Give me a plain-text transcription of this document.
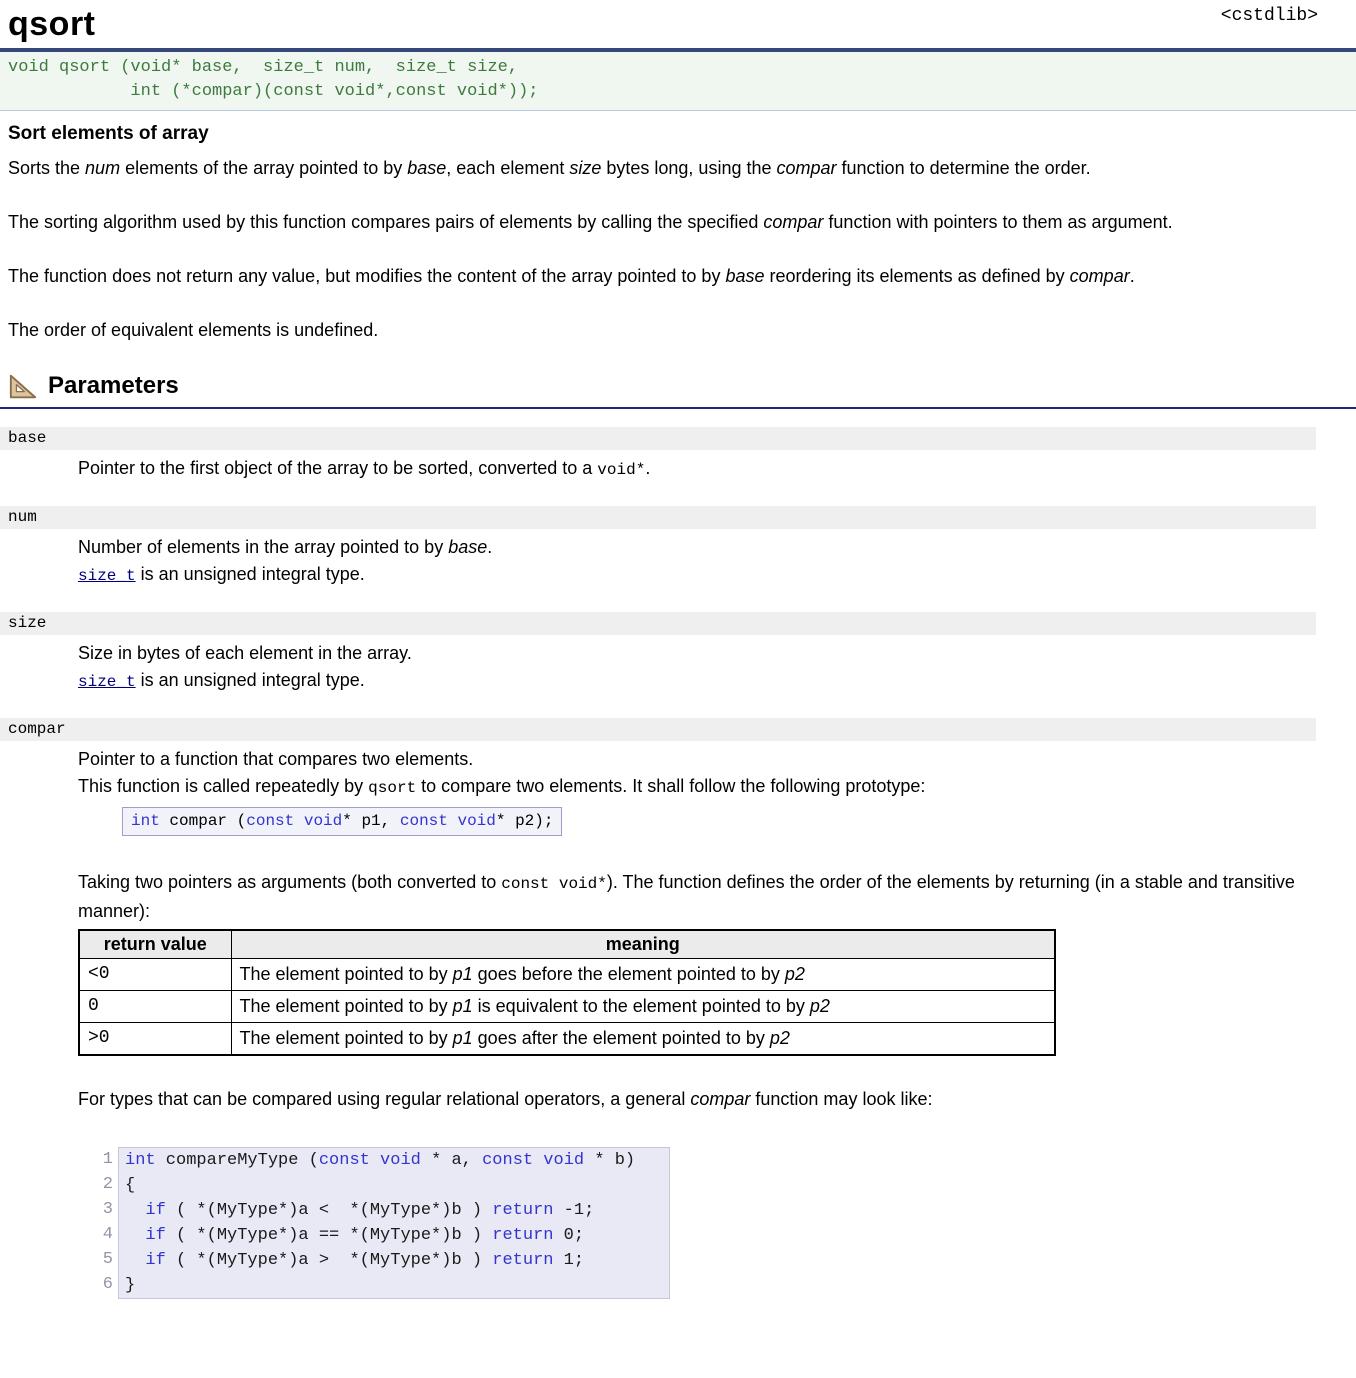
qsort	<cstdlib>
void qsort (void* base,  size_t num,  size_t size,
int (*compar)(const void*,const void*));
Sort elements of array

Sorts the num elements of the array pointed to by base, each element size bytes long, using the compar function to determine the order.

The sorting algorithm used by this function compares pairs of elements by calling the specified compar function with pointers to them as argument.

The function does not return any value, but modifies the content of the array pointed to by base reordering its elements as defined by compar.

The order of equivalent elements is undefined.

Parameters
base
Pointer to the first object of the array to be sorted, converted to a void*.
num
Number of elements in the array pointed to by base.
size_t is an unsigned integral type.
size
Size in bytes of each element in the array.
size_t is an unsigned integral type.
compar
Pointer to a function that compares two elements.
This function is called repeatedly by qsort to compare two elements. It shall follow the following prototype:
int compar (const void* p1, const void* p2);
Taking two pointers as arguments (both converted to const void*). The function defines the order of the elements by returning (in a stable and transitive manner):
return value	meaning
<0	The element pointed to by p1 goes before the element pointed to by p2
0	The element pointed to by p1 is equivalent to the element pointed to by p2
>0	The element pointed to by p1 goes after the element pointed to by p2
For types that can be compared using regular relational operators, a general compar function may look like:
1
2
3
4
5
6
int compareMyType (const void * a, const void * b)
{
if ( *(MyType*)a <  *(MyType*)b ) return -1;
if ( *(MyType*)a == *(MyType*)b ) return 0;
if ( *(MyType*)a >  *(MyType*)b ) return 1;
}
